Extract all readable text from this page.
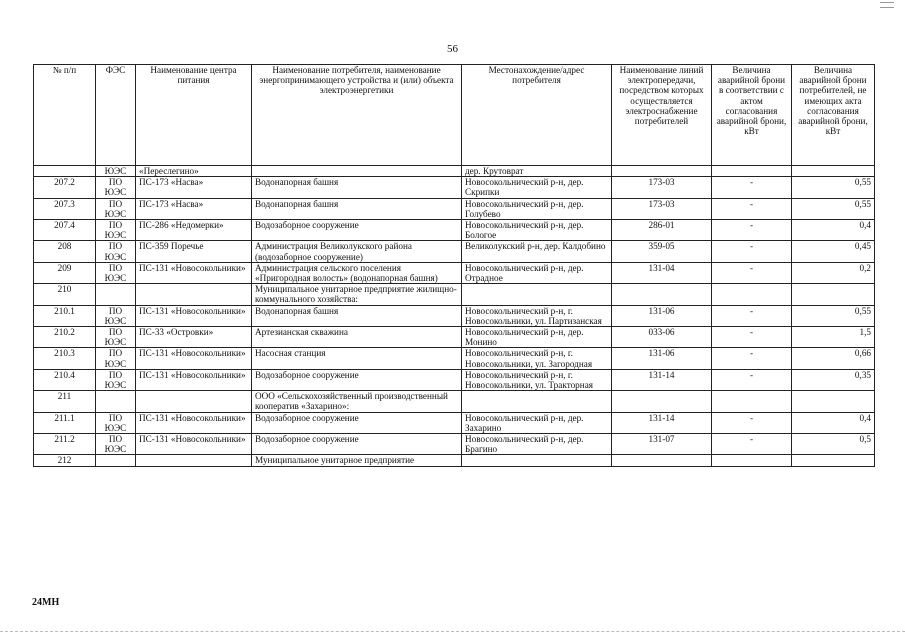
56
№ п/п	ФЭС	Наименование центра питания	Наименование потребителя, наименование энергопринимающего устройства и (или) объекта электроэнергетики	Местонахождение/адрес потребителя	Наименование линий электропередачи, посредством которых осуществляется электроснабжение потребителей	Величина аварийной брони в соответствии с актом согласования аварийной брони, кВт	Величина аварийной брони потребителей, не имеющих акта согласования аварийной брони, кВт
	ЮЭС	«Переслегино»		дер. Крутоврат			
207.2	ПО ЮЭС	ПС-173 «Насва»	Водонапорная башня	Новосокольнический р-н, дер. Скрипки	173-03	-	0,55
207.3	ПО ЮЭС	ПС-173 «Насва»	Водонапорная башня	Новосокольнический р-н, дер. Голубево	173-03	-	0,55
207.4	ПО ЮЭС	ПС-286 «Недомерки»	Водозаборное сооружение	Новосокольнический р-н, дер. Бологое	286-01	-	0,4
208	ПО ЮЭС	ПС-359 Поречье	Администрация Великолукского района (водозаборное сооружение)	Великолукский р-н, дер. Калдобино	359-05	-	0,45
209	ПО ЮЭС	ПС-131 «Новосокольники»	Администрация сельского поселения «Пригородная волость» (водонапорная башня)	Новосокольнический р-н, дер. Отрадное	131-04	-	0,2
210			Муниципальное унитарное предприятие жилищно-коммунального хозяйства:				
210.1	ПО ЮЭС	ПС-131 «Новосокольники»	Водонапорная башня	Новосокольнический р-н, г. Новосокольники, ул. Партизанская	131-06	-	0,55
210.2	ПО ЮЭС	ПС-33 «Островки»	Артезианская скважина	Новосокольнический р-н, дер. Монино	033-06	-	1,5
210.3	ПО ЮЭС	ПС-131 «Новосокольники»	Насосная станция	Новосокольнический р-н, г. Новосокольники, ул. Загородная	131-06	-	0,66
210.4	ПО ЮЭС	ПС-131 «Новосокольники»	Водозаборное сооружение	Новосокольнический р-н, г. Новосокольники, ул. Тракторная	131-14	-	0,35
211			ООО «Сельскохозяйственный производственный кооператив «Захарино»:				
211.1	ПО ЮЭС	ПС-131 «Новосокольники»	Водозаборное сооружение	Новосокольнический р-н, дер. Захарино	131-14	-	0,4
211.2	ПО ЮЭС	ПС-131 «Новосокольники»	Водозаборное сооружение	Новосокольнический р-н, дер. Брагино	131-07	-	0,5
212			Муниципальное унитарное предприятие				
24МН
